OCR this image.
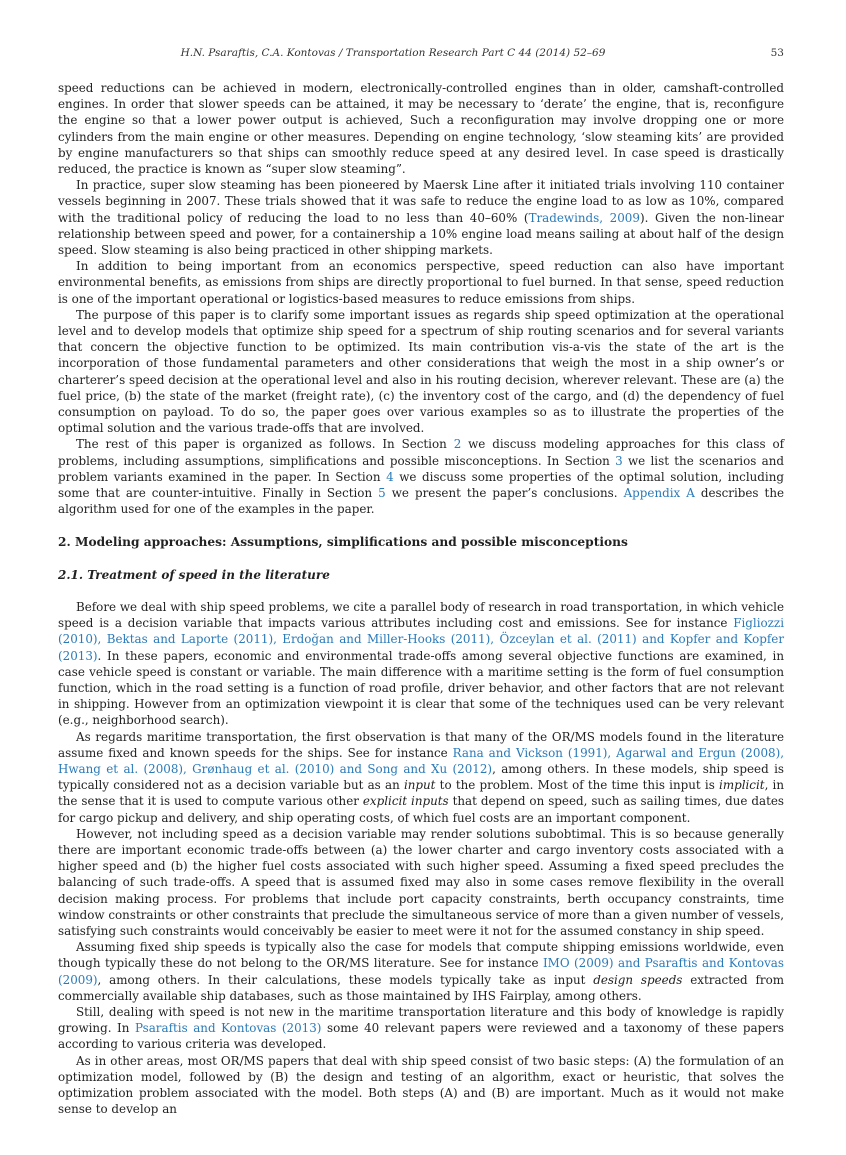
H.N. Psaraftis, C.A. Kontovas / Transportation Research Part C 44 (2014) 52–69	53

speed reductions can be achieved in modern, electronically-controlled engines than in older, camshaft-controlled engines. In order that slower speeds can be attained, it may be necessary to ‘derate’ the engine, that is, reconfigure the engine so that a lower power output is achieved, Such a reconfiguration may involve dropping one or more cylinders from the main engine or other measures. Depending on engine technology, ‘slow steaming kits’ are provided by engine manufacturers so that ships can smoothly reduce speed at any desired level. In case speed is drastically reduced, the practice is known as “super slow steaming”.

In practice, super slow steaming has been pioneered by Maersk Line after it initiated trials involving 110 container vessels beginning in 2007. These trials showed that it was safe to reduce the engine load to as low as 10%, compared with the traditional policy of reducing the load to no less than 40–60% (Tradewinds, 2009). Given the non-linear relationship between speed and power, for a containership a 10% engine load means sailing at about half of the design speed. Slow steaming is also being practiced in other shipping markets.

In addition to being important from an economics perspective, speed reduction can also have important environmental benefits, as emissions from ships are directly proportional to fuel burned. In that sense, speed reduction is one of the important operational or logistics-based measures to reduce emissions from ships.

The purpose of this paper is to clarify some important issues as regards ship speed optimization at the operational level and to develop models that optimize ship speed for a spectrum of ship routing scenarios and for several variants that concern the objective function to be optimized. Its main contribution vis-a-vis the state of the art is the incorporation of those fundamental parameters and other considerations that weigh the most in a ship owner’s or charterer’s speed decision at the operational level and also in his routing decision, wherever relevant. These are (a) the fuel price, (b) the state of the market (freight rate), (c) the inventory cost of the cargo, and (d) the dependency of fuel consumption on payload. To do so, the paper goes over various examples so as to illustrate the properties of the optimal solution and the various trade-offs that are involved.

The rest of this paper is organized as follows. In Section 2 we discuss modeling approaches for this class of problems, including assumptions, simplifications and possible misconceptions. In Section 3 we list the scenarios and problem variants examined in the paper. In Section 4 we discuss some properties of the optimal solution, including some that are counter-intuitive. Finally in Section 5 we present the paper’s conclusions. Appendix A describes the algorithm used for one of the examples in the paper.

2. Modeling approaches: Assumptions, simplifications and possible misconceptions
2.1. Treatment of speed in the literature

Before we deal with ship speed problems, we cite a parallel body of research in road transportation, in which vehicle speed is a decision variable that impacts various attributes including cost and emissions. See for instance Figliozzi (2010), Bektas and Laporte (2011), Erdoğan and Miller-Hooks (2011), Özceylan et al. (2011) and Kopfer and Kopfer (2013). In these papers, economic and environmental trade-offs among several objective functions are examined, in case vehicle speed is constant or variable. The main difference with a maritime setting is the form of fuel consumption function, which in the road setting is a function of road profile, driver behavior, and other factors that are not relevant in shipping. However from an optimization viewpoint it is clear that some of the techniques used can be very relevant (e.g., neighborhood search).

As regards maritime transportation, the first observation is that many of the OR/MS models found in the literature assume fixed and known speeds for the ships. See for instance Rana and Vickson (1991), Agarwal and Ergun (2008), Hwang et al. (2008), Grønhaug et al. (2010) and Song and Xu (2012), among others. In these models, ship speed is typically considered not as a decision variable but as an input to the problem. Most of the time this input is implicit, in the sense that it is used to compute various other explicit inputs that depend on speed, such as sailing times, due dates for cargo pickup and delivery, and ship operating costs, of which fuel costs are an important component.

However, not including speed as a decision variable may render solutions subobtimal. This is so because generally there are important economic trade-offs between (a) the lower charter and cargo inventory costs associated with a higher speed and (b) the higher fuel costs associated with such higher speed. Assuming a fixed speed precludes the balancing of such trade-offs. A speed that is assumed fixed may also in some cases remove flexibility in the overall decision making process. For problems that include port capacity constraints, berth occupancy constraints, time window constraints or other constraints that preclude the simultaneous service of more than a given number of vessels, satisfying such constraints would conceivably be easier to meet were it not for the assumed constancy in ship speed.

Assuming fixed ship speeds is typically also the case for models that compute shipping emissions worldwide, even though typically these do not belong to the OR/MS literature. See for instance IMO (2009) and Psaraftis and Kontovas (2009), among others. In their calculations, these models typically take as input design speeds extracted from commercially available ship databases, such as those maintained by IHS Fairplay, among others.

Still, dealing with speed is not new in the maritime transportation literature and this body of knowledge is rapidly growing. In Psaraftis and Kontovas (2013) some 40 relevant papers were reviewed and a taxonomy of these papers according to various criteria was developed.

As in other areas, most OR/MS papers that deal with ship speed consist of two basic steps: (A) the formulation of an optimization model, followed by (B) the design and testing of an algorithm, exact or heuristic, that solves the optimization problem associated with the model. Both steps (A) and (B) are important. Much as it would not make sense to develop an
